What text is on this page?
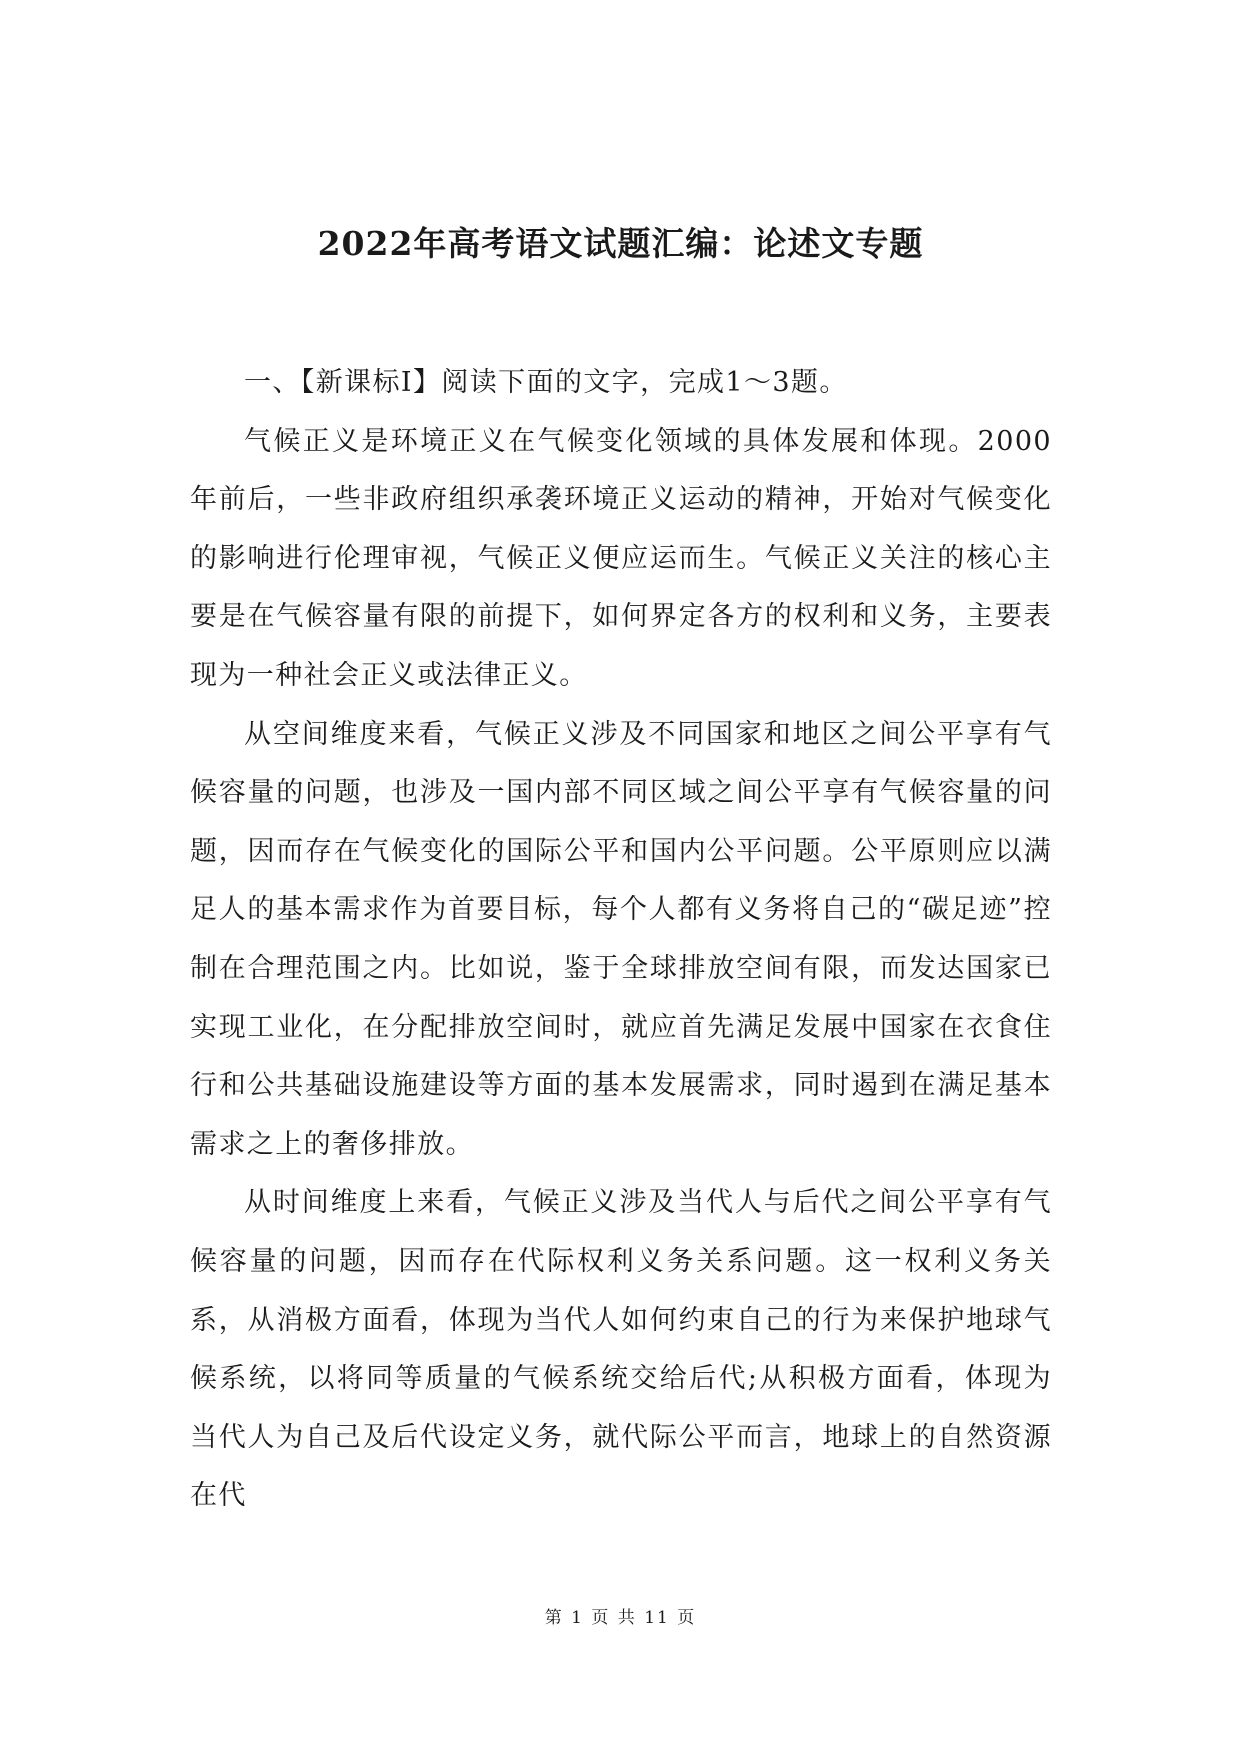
2022年高考语文试题汇编：论述文专题

一、【新课标Ⅰ】阅读下面的文字，完成1～3题。

气候正义是环境正义在气候变化领域的具体发展和体现。2000年前后，一些非政府组织承袭环境正义运动的精神，开始对气候变化的影响进行伦理审视，气候正义便应运而生。气候正义关注的核心主要是在气候容量有限的前提下，如何界定各方的权利和义务，主要表现为一种社会正义或法律正义。

从空间维度来看，气候正义涉及不同国家和地区之间公平享有气候容量的问题，也涉及一国内部不同区域之间公平享有气候容量的问题，因而存在气候变化的国际公平和国内公平问题。公平原则应以满足人的基本需求作为首要目标，每个人都有义务将自己的“碳足迹”控制在合理范围之内。比如说，鉴于全球排放空间有限，而发达国家已实现工业化，在分配排放空间时，就应首先满足发展中国家在衣食住行和公共基础设施建设等方面的基本发展需求，同时遏到在满足基本需求之上的奢侈排放。

从时间维度上来看，气候正义涉及当代人与后代之间公平享有气候容量的问题，因而存在代际权利义务关系问题。这一权利义务关系，从消极方面看，体现为当代人如何约束自己的行为来保护地球气候系统，以将同等质量的气候系统交给后代;从积极方面看，体现为当代人为自己及后代设定义务，就代际公平而言，地球上的自然资源在代

第 1 页 共 11 页
